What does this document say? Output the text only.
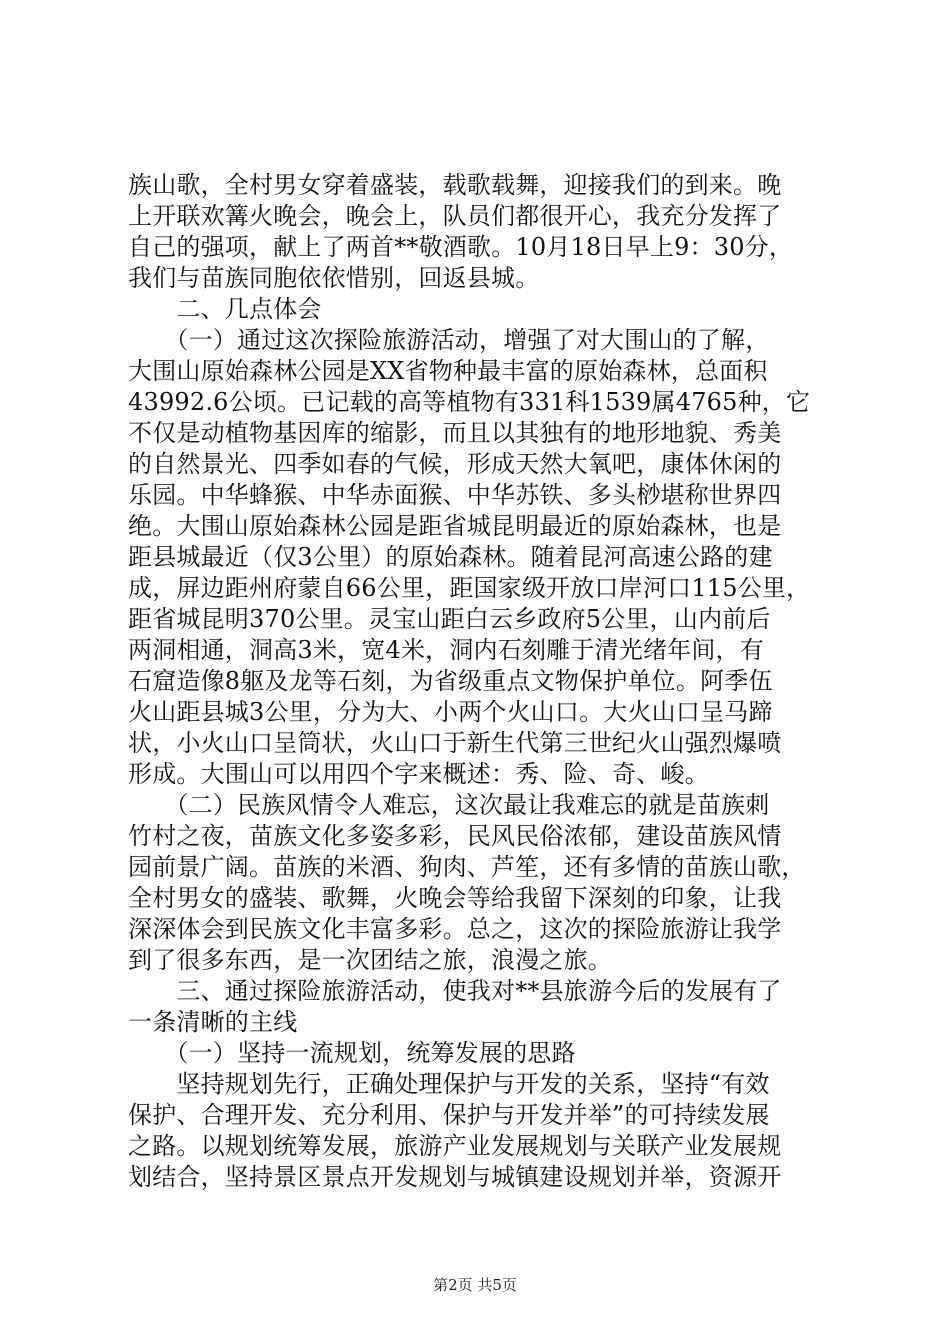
族山歌，全村男女穿着盛装，载歌载舞，迎接我们的到来。晚
上开联欢篝火晚会，晚会上，队员们都很开心，我充分发挥了
自己的强项，献上了两首**敬酒歌。10月18日早上9：30分，
我们与苗族同胞依依惜别，回返县城。
　　二、几点体会
　　（一）通过这次探险旅游活动，增强了对大围山的了解，
大围山原始森林公园是XX省物种最丰富的原始森林，总面积
43992.6公顷。已记载的高等植物有331科1539属4765种，它
不仅是动植物基因库的缩影，而且以其独有的地形地貌、秀美
的自然景光、四季如春的气候，形成天然大氧吧，康体休闲的
乐园。中华蜂猴、中华赤面猴、中华苏铁、多头桫堪称世界四
绝。大围山原始森林公园是距省城昆明最近的原始森林，也是
距县城最近（仅3公里）的原始森林。随着昆河高速公路的建
成，屏边距州府蒙自66公里，距国家级开放口岸河口115公里，
距省城昆明370公里。灵宝山距白云乡政府5公里，山内前后
两洞相通，洞高3米，宽4米，洞内石刻雕于清光绪年间，有
石窟造像8躯及龙等石刻，为省级重点文物保护单位。阿季伍
火山距县城3公里，分为大、小两个火山口。大火山口呈马蹄
状，小火山口呈筒状，火山口于新生代第三世纪火山强烈爆喷
形成。大围山可以用四个字来概述：秀、险、奇、峻。
　　（二）民族风情令人难忘，这次最让我难忘的就是苗族刺
竹村之夜，苗族文化多姿多彩，民风民俗浓郁，建设苗族风情
园前景广阔。苗族的米酒、狗肉、芦笙，还有多情的苗族山歌，
全村男女的盛装、歌舞，火晚会等给我留下深刻的印象，让我
深深体会到民族文化丰富多彩。总之，这次的探险旅游让我学
到了很多东西，是一次团结之旅，浪漫之旅。
　　三、通过探险旅游活动，使我对**县旅游今后的发展有了
一条清晰的主线
　　（一）坚持一流规划，统筹发展的思路
　　坚持规划先行，正确处理保护与开发的关系，坚持“有效
保护、合理开发、充分利用、保护与开发并举”的可持续发展
之路。以规划统筹发展，旅游产业发展规划与关联产业发展规
划结合，坚持景区景点开发规划与城镇建设规划并举，资源开
第2页 共5页
